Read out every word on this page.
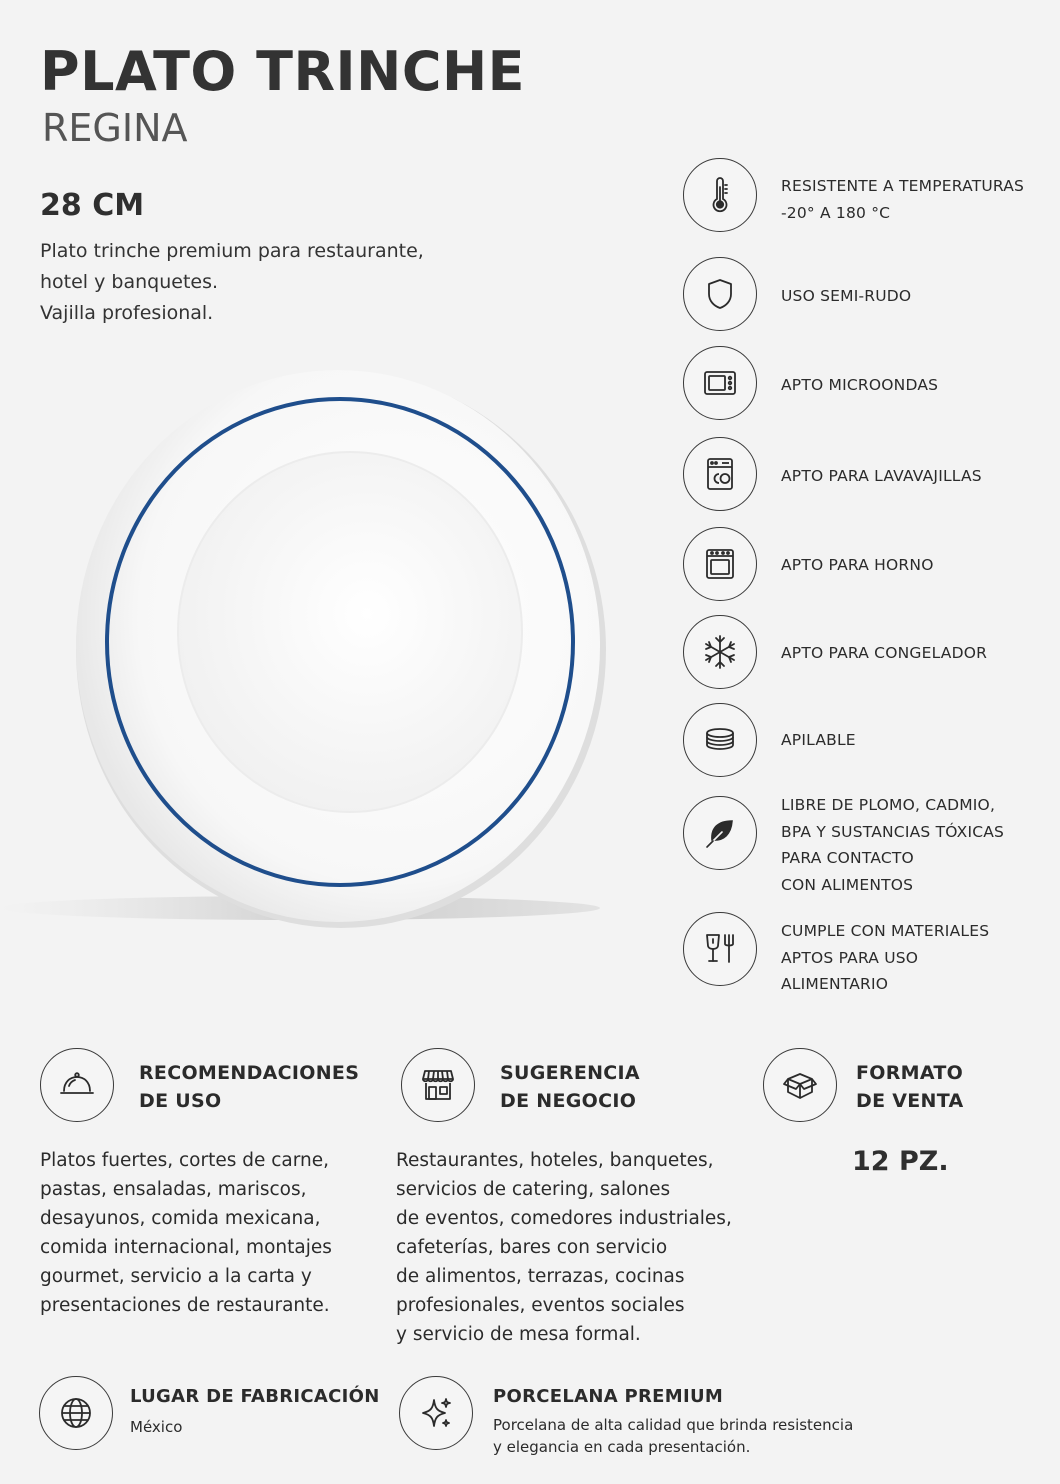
PLATO TRINCHE
REGINA
28 CM
Plato trinche premium para restaurante,
hotel y banquetes.
Vajilla profesional.
RESISTENTE A TEMPERATURAS
-20° A 180 °C
USO SEMI-RUDO
APTO MICROONDAS
APTO PARA LAVAVAJILLAS
APTO PARA HORNO
APTO PARA CONGELADOR
APILABLE
LIBRE DE PLOMO, CADMIO,
BPA Y SUSTANCIAS TÓXICAS
PARA CONTACTO
CON ALIMENTOS
CUMPLE CON MATERIALES
APTOS PARA USO
ALIMENTARIO
RECOMENDACIONES
DE USO
Platos fuertes, cortes de carne,
pastas, ensaladas, mariscos,
desayunos, comida mexicana,
comida internacional, montajes
gourmet, servicio a la carta y
presentaciones de restaurante.
SUGERENCIA
DE NEGOCIO
Restaurantes, hoteles, banquetes,
servicios de catering, salones
de eventos, comedores industriales,
cafeterías, bares con servicio
de alimentos, terrazas, cocinas
profesionales, eventos sociales
y servicio de mesa formal.
FORMATO
DE VENTA
12 PZ.
LUGAR DE FABRICACIÓN
México
PORCELANA PREMIUM
Porcelana de alta calidad que brinda resistencia
y elegancia en cada presentación.
